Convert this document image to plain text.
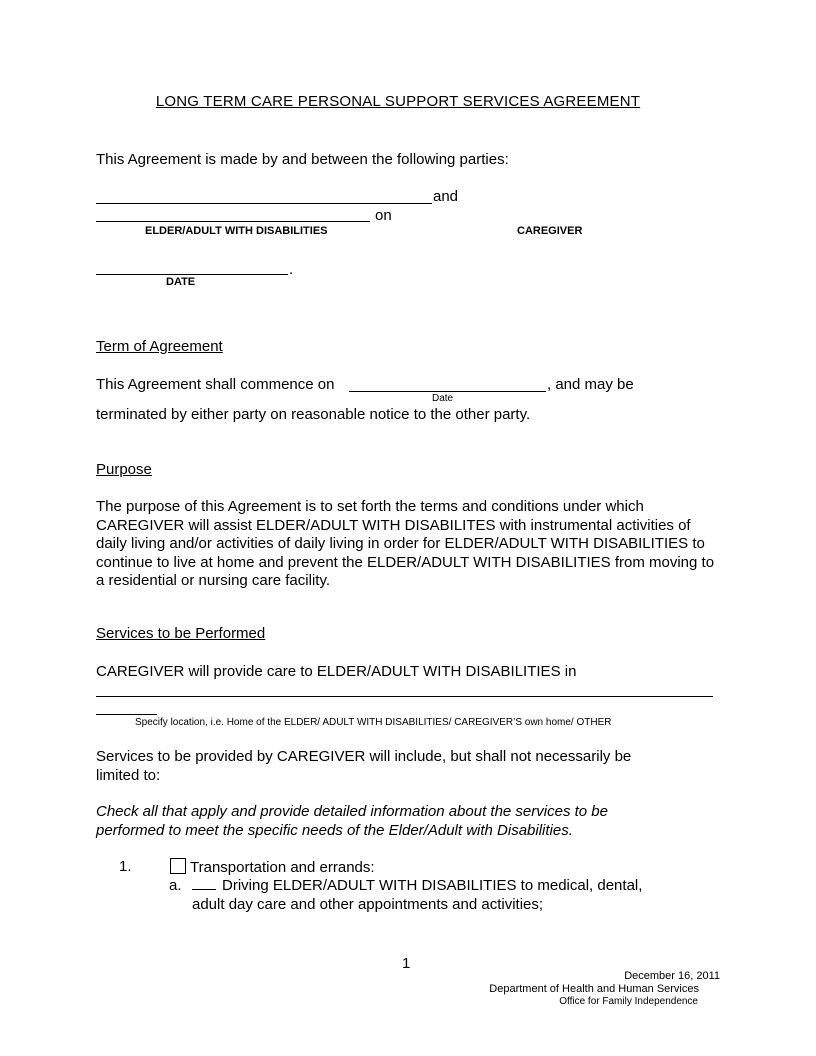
LONG TERM CARE PERSONAL SUPPORT SERVICES AGREEMENT
This Agreement is made by and between the following parties:
and
on
ELDER/ADULT WITH DISABILITIES	CAREGIVER
.
DATE
Term of Agreement
This Agreement shall commence on	, and may be
Date
terminated by either party on reasonable notice to the other party.
Purpose
The purpose of this Agreement is to set forth the terms and conditions under which CAREGIVER will assist ELDER/ADULT WITH DISABILITES with instrumental activities of daily living and/or activities of daily living in order for ELDER/ADULT WITH DISABILITIES to continue to live at home and prevent the ELDER/ADULT WITH DISABILITIES from moving to a residential or nursing care facility.
Services to be Performed
CAREGIVER will provide care to ELDER/ADULT WITH DISABILITIES in
Specify location, i.e. Home of the ELDER/ ADULT WITH DISABILITIES/ CAREGIVER’S own home/ OTHER
Services to be provided by CAREGIVER will include, but shall not necessarily be limited to:
Check all that apply and provide detailed information about the services to be performed to meet the specific needs of the Elder/Adult with Disabilities.
1.	Transportation and errands:
a.	Driving ELDER/ADULT WITH DISABILITIES to medical, dental,
adult day care and other appointments and activities;
1
December 16, 2011
Department of Health and Human Services
Office for Family Independence
